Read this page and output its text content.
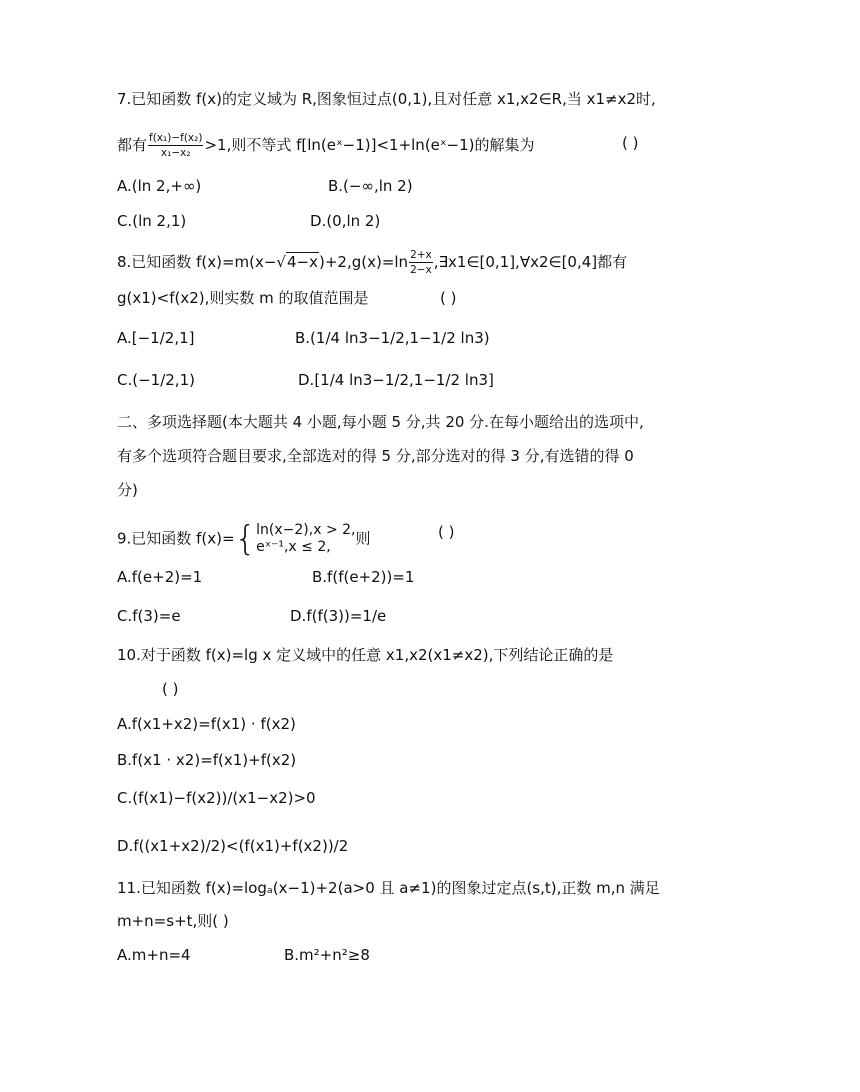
7.已知函数 f(x)的定义域为 R,图象恒过点(0,1),且对任意 x1,x2∈R,当 x1≠x2时,
都有 $\frac{\text{f(x₁)−f(x₂)}}{\text{x₁−x₂}} >1$,则不等式 f[ln(eˣ−1)]<1+ln(eˣ−1)的解集为	( )
A.(ln 2,+∞)	B.(−∞,ln 2)
C.(ln 2,1)	D.(0,ln 2)
8.已知函数 $f(x)=m(x-√4-x)+2,g(x)=\ln \frac{2+x}{2-x}$ ,∃x1∈[0,1],∀x2∈[0,4]都有
g(x1)<f(x2),则实数 m 的取值范围是	( )
A.[−1/2,1]	B.(1/4 ln3−1/2,1−1/2 ln3)
C.(−1/2,1)	D.[1/4 ln3−1/2,1−1/2 ln3]
二、多项选择题(本大题共 4 小题,每小题 5 分,共 20 分.在每小题给出的选项中,
有多个选项符合题目要求,全部选对的得 5 分,部分选对的得 3 分,有选错的得 0
分)
9.已知函数 f(x)={ ln(x−2),x > 2,
eˣ⁻¹,x ≤ 2,	则	( )
A.f(e+2)=1	B.f(f(e+2))=1
C.f(3)=e	D.f(f(3))=1/e
10.对于函数 f(x)=lg x 定义域中的任意 x1,x2(x1≠x2),下列结论正确的是
( )
A.f(x1+x2)=f(x1) · f(x2)
B.f(x1 · x2)=f(x1)+f(x2)
C.(f(x1)−f(x2))/(x1−x2)>0
D.f((x1+x2)/2)<(f(x1)+f(x2))/2
11.已知函数 f(x)=logₐ(x−1)+2(a>0 且 a≠1)的图象过定点(s,t),正数 m,n 满足
m+n=s+t,则( )
A.m+n=4	B.m²+n²≥8
